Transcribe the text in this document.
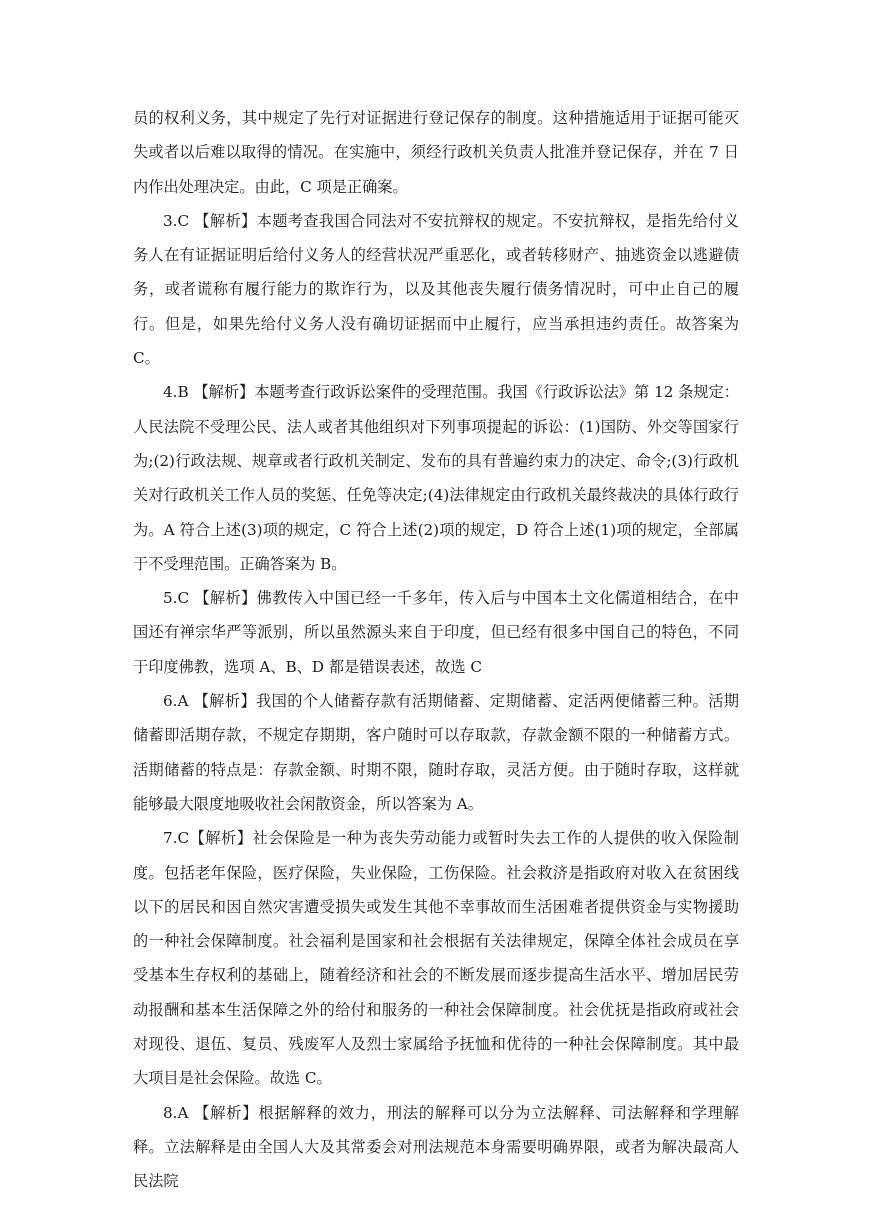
员的权利义务，其中规定了先行对证据进行登记保存的制度。这种措施适用于证据可能灭失或者以后难以取得的情况。在实施中，须经行政机关负责人批准并登记保存，并在 7 日内作出处理决定。由此，C 项是正确案。

3.C 【解析】本题考查我国合同法对不安抗辩权的规定。不安抗辩权，是指先给付义务人在有证据证明后给付义务人的经营状况严重恶化，或者转移财产、抽逃资金以逃避债务，或者谎称有履行能力的欺诈行为，以及其他丧失履行债务情况时，可中止自己的履行。但是，如果先给付义务人没有确切证据而中止履行，应当承担违约责任。故答案为 C。

4.B 【解析】本题考查行政诉讼案件的受理范围。我国《行政诉讼法》第 12 条规定：人民法院不受理公民、法人或者其他组织对下列事项提起的诉讼：(1)国防、外交等国家行为;(2)行政法规、规章或者行政机关制定、发布的具有普遍约束力的决定、命令;(3)行政机关对行政机关工作人员的奖惩、任免等决定;(4)法律规定由行政机关最终裁决的具体行政行为。A 符合上述(3)项的规定，C 符合上述(2)项的规定，D 符合上述(1)项的规定，全部属于不受理范围。正确答案为 B。

5.C 【解析】佛教传入中国已经一千多年，传入后与中国本土文化儒道相结合，在中国还有禅宗华严等派别，所以虽然源头来自于印度，但已经有很多中国自己的特色，不同于印度佛教，选项 A、B、D 都是错误表述，故选 C

6.A 【解析】我国的个人储蓄存款有活期储蓄、定期储蓄、定活两便储蓄三种。活期储蓄即活期存款，不规定存期期，客户随时可以存取款，存款金额不限的一种储蓄方式。活期储蓄的特点是：存款金额、时期不限，随时存取，灵活方便。由于随时存取，这样就能够最大限度地吸收社会闲散资金，所以答案为 A。

7.C【解析】社会保险是一种为丧失劳动能力或暂时失去工作的人提供的收入保险制度。包括老年保险，医疗保险，失业保险，工伤保险。社会救济是指政府对收入在贫困线以下的居民和因自然灾害遭受损失或发生其他不幸事故而生活困难者提供资金与实物援助的一种社会保障制度。社会福利是国家和社会根据有关法律规定，保障全体社会成员在享受基本生存权利的基础上，随着经济和社会的不断发展而逐步提高生活水平、增加居民劳动报酬和基本生活保障之外的给付和服务的一种社会保障制度。社会优抚是指政府或社会对现役、退伍、复员、残废军人及烈士家属给予抚恤和优待的一种社会保障制度。其中最大项目是社会保险。故选 C。

8.A 【解析】根据解释的效力，刑法的解释可以分为立法解释、司法解释和学理解释。立法解释是由全国人大及其常委会对刑法规范本身需要明确界限，或者为解决最高人民法院
